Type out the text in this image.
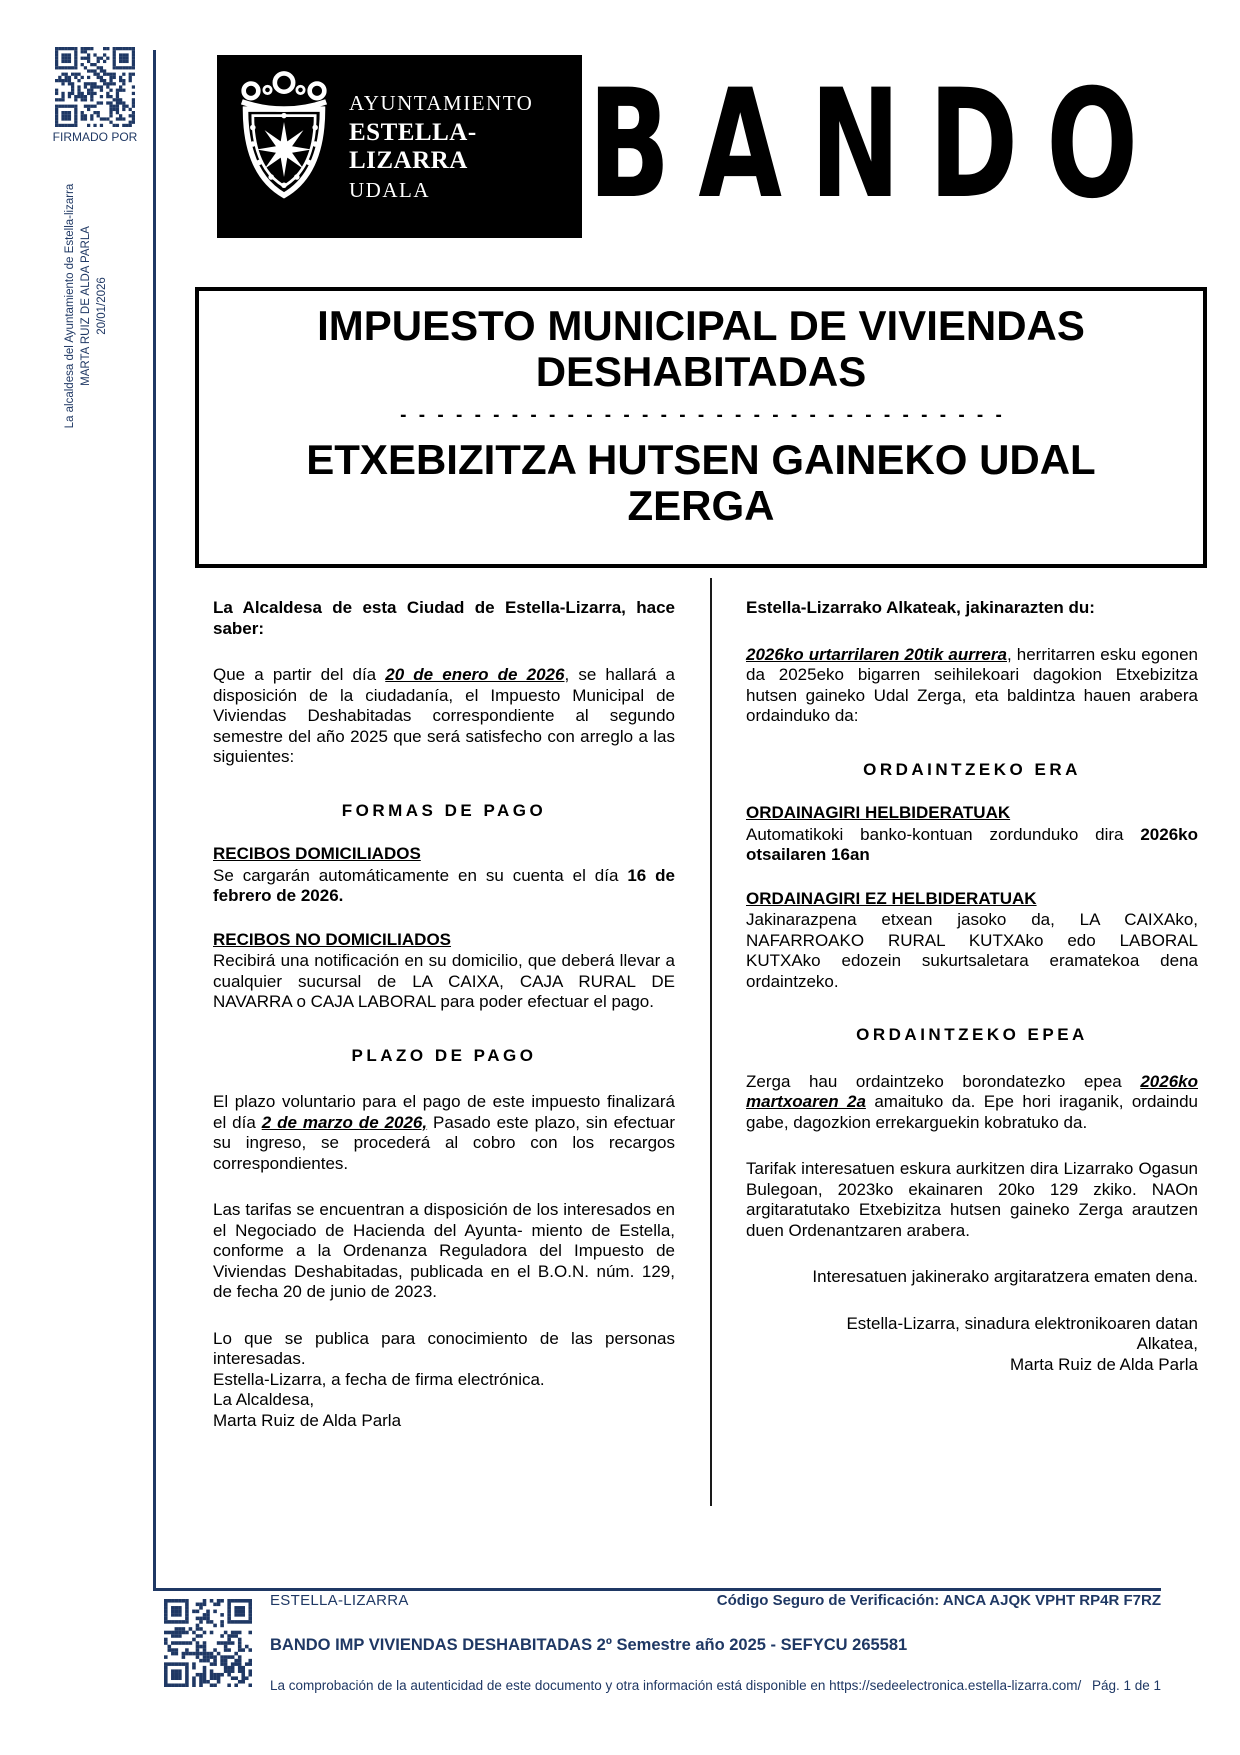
FIRMADO POR
La alcaldesa del Ayuntamiento de Estella-lizarra MARTA RUIZ DE ALDA PARLA 20/01/2026
AYUNTAMIENTO
ESTELLA-LIZARRA
UDALA	BANDO
IMPUESTO MUNICIPAL DE VIVIENDAS
DESHABITADAS
- - - - - - - - - - - - - - - - - - - - - - - - - - - - - - - - -
ETXEBIZITZA HUTSEN GAINEKO UDAL
ZERGA
La Alcaldesa de esta Ciudad de Estella-Lizarra, hace saber:
Que a partir del día 20 de enero de 2026, se hallará a disposición de la ciudadanía, el Impuesto Municipal de Viviendas Deshabitadas correspondiente al segundo semestre del año 2025 que será satisfecho con arreglo a las siguientes:
FORMAS DE PAGO
RECIBOS DOMICILIADOS
Se cargarán automáticamente en su cuenta el día 16 de febrero de 2026.
RECIBOS NO DOMICILIADOS
Recibirá una notificación en su domicilio, que deberá llevar a cualquier sucursal de LA CAIXA, CAJA RURAL DE NAVARRA o CAJA LABORAL para poder efectuar el pago.
PLAZO DE PAGO
El plazo voluntario para el pago de este impuesto finalizará el día 2 de marzo de 2026, Pasado este plazo, sin efectuar su ingreso, se procederá al cobro con los recargos correspondientes.
Las tarifas se encuentran a disposición de los interesados en el Negociado de Hacienda del Ayunta- miento de Estella, conforme a la Ordenanza Reguladora del Impuesto de Viviendas Deshabitadas, publicada en el B.O.N. núm. 129, de fecha 20 de junio de 2023.
Lo que se publica para conocimiento de las personas interesadas.
Estella-Lizarra, a fecha de firma electrónica.
La Alcaldesa,
Marta Ruiz de Alda Parla
Estella-Lizarrako Alkateak, jakinarazten du:
2026ko urtarrilaren 20tik aurrera, herritarren esku egonen da 2025eko bigarren seihilekoari dagokion Etxebizitza hutsen gaineko Udal Zerga, eta baldintza hauen arabera ordainduko da:
ORDAINTZEKO ERA
ORDAINAGIRI HELBIDERATUAK
Automatikoki banko-kontuan zordunduko dira 2026ko otsailaren 16an
ORDAINAGIRI EZ HELBIDERATUAK
Jakinarazpena etxean jasoko da, LA CAIXAko, NAFARROAKO RURAL KUTXAko edo LABORAL KUTXAko edozein sukurtsaletara eramatekoa dena ordaintzeko.
ORDAINTZEKO EPEA
Zerga hau ordaintzeko borondatezko epea 2026ko martxoaren 2a amaituko da. Epe hori iraganik, ordaindu gabe, dagozkion errekarguekin kobratuko da.
Tarifak interesatuen eskura aurkitzen dira Lizarrako Ogasun Bulegoan, 2023ko ekainaren 20ko 129 zkiko. NAOn argitaratutako Etxebizitza hutsen gaineko Zerga arautzen duen Ordenantzaren arabera.
Interesatuen jakinerako argitaratzera ematen dena.
Estella-Lizarra, sinadura elektronikoaren datan
Alkatea,
Marta Ruiz de Alda Parla
ESTELLA-LIZARRA	Código Seguro de Verificación: ANCA AJQK VPHT RP4R F7RZ
BANDO IMP VIVIENDAS DESHABITADAS 2º Semestre año 2025 - SEFYCU 265581
La comprobación de la autenticidad de este documento y otra información está disponible en https://sedeelectronica.estella-lizarra.com/ Pág. 1 de 1
